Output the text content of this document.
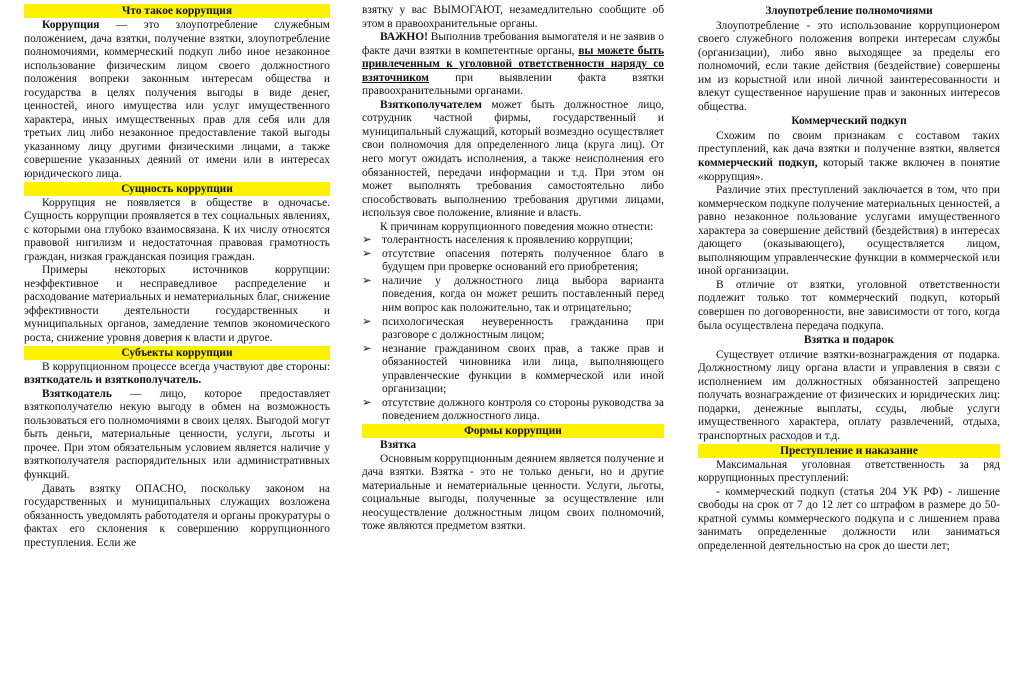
Что такое коррупция

Коррупция — это злоупотребление служебным положением, дача взятки, получение взятки, злоупотребление полномочиями, коммерческий подкуп либо иное незаконное использование физическим лицом своего должностного положения вопреки законным интересам общества и государства в целях получения выгоды в виде денег, ценностей, иного имущества или услуг имущественного характера, иных имущественных прав для себя или для третьих лиц либо незаконное предоставление такой выгоды указанному лицу другими физическими лицами, а также совершение указанных деяний от имени или в интересах юридического лица.

Сущность коррупции

Коррупция не появляется в обществе в одночасье. Сущность коррупции проявляется в тех социальных явлениях, с которыми она глубоко взаимосвязана. К их числу относятся правовой нигилизм и недостаточная правовая грамотность граждан, низкая гражданская позиция граждан.

Примеры некоторых источников коррупции: неэффективное и несправедливое распределение и расходование материальных и нематериальных благ, снижение эффективности деятельности государственных и муниципальных органов, замедление темпов экономического роста, снижение уровня доверия к власти и другое.

Субъекты коррупции

В коррупционном процессе всегда участвуют две стороны: взяткодатель и взяткополучатель.

Взяткодатель — лицо, которое предоставляет взяткополучателю некую выгоду в обмен на возможность пользоваться его полномочиями в своих целях. Выгодой могут быть деньги, материальные ценности, услуги, льготы и прочее. При этом обязательным условием является наличие у взяткополучателя распорядительных или административных функций.

Давать взятку ОПАСНО, поскольку законом на государственных и муниципальных служащих возложена обязанность уведомлять работодателя и органы прокуратуры о фактах его склонения к совершению коррупционного преступления. Если же

взятку у вас ВЫМОГАЮТ, незамедлительно сообщите об этом в правоохранительные органы.

ВАЖНО! Выполнив требования вымогателя и не заявив о факте дачи взятки в компетентные органы, вы можете быть привлеченным к уголовной ответственности наряду со взяточником при выявлении факта взятки правоохранительными органами.

Взяткополучателем может быть должностное лицо, сотрудник частной фирмы, государственный и муниципальный служащий, который возмездно осуществляет свои полномочия для определенного лица (круга лиц). От него могут ожидать исполнения, а также неисполнения его обязанностей, передачи информации и т.д. При этом он может выполнять требования самостоятельно либо способствовать выполнению требования другими лицами, используя свое положение, влияние и власть.

К причинам коррупционного поведения можно отнести:

➢ толерантность населения к проявлению коррупции;
➢ отсутствие опасения потерять полученное благо в будущем при проверке оснований его приобретения;
➢ наличие у должностного лица выбора варианта поведения, когда он может решить поставленный перед ним вопрос как положительно, так и отрицательно;
➢ психологическая неуверенность гражданина при разговоре с должностным лицом;
➢ незнание гражданином своих прав, а также прав и обязанностей чиновника или лица, выполняющего управленческие функции в коммерческой или иной организации;
➢ отсутствие должного контроля со стороны руководства за поведением должностного лица.
Формы коррупции
Взятка

Основным коррупционным деянием является получение и дача взятки. Взятка - это не только деньги, но и другие материальные и нематериальные ценности. Услуги, льготы, социальные выгоды, полученные за осуществление или неосуществление должностным лицом своих полномочий, тоже являются предметом взятки.

Злоупотребление полномочиями

Злоупотребление - это использование коррупционером своего служебного положения вопреки интересам службы (организации), либо явно выходящее за пределы его полномочий, если такие действия (бездействие) совершены им из корыстной или иной личной заинтересованности и влекут существенное нарушение прав и законных интересов общества.

Коммерческий подкуп

Схожим по своим признакам с составом таких преступлений, как дача взятки и получение взятки, является коммерческий подкуп, который также включен в понятие «коррупция».

Различие этих преступлений заключается в том, что при коммерческом подкупе получение материальных ценностей, а равно незаконное пользование услугами имущественного характера за совершение действий (бездействия) в интересах дающего (оказывающего), осуществляется лицом, выполняющим управленческие функции в коммерческой или иной организации.

В отличие от взятки, уголовной ответственности подлежит только тот коммерческий подкуп, который совершен по договоренности, вне зависимости от того, когда была осуществлена передача подкупа.

Взятка и подарок

Существует отличие взятки-вознаграждения от подарка. Должностному лицу органа власти и управления в связи с исполнением им должностных обязанностей запрещено получать вознаграждение от физических и юридических лиц: подарки, денежные выплаты, ссуды, любые услуги имущественного характера, оплату развлечений, отдыха, транспортных расходов и т.д.

Преступление и наказание

Максимальная уголовная ответственность за ряд коррупционных преступлений:

- коммерческий подкуп (статья 204 УК РФ) - лишение свободы на срок от 7 до 12 лет со штрафом в размере до 50-кратной суммы коммерческого подкупа и с лишением права занимать определенные должности или заниматься определенной деятельностью на срок до шести лет;
